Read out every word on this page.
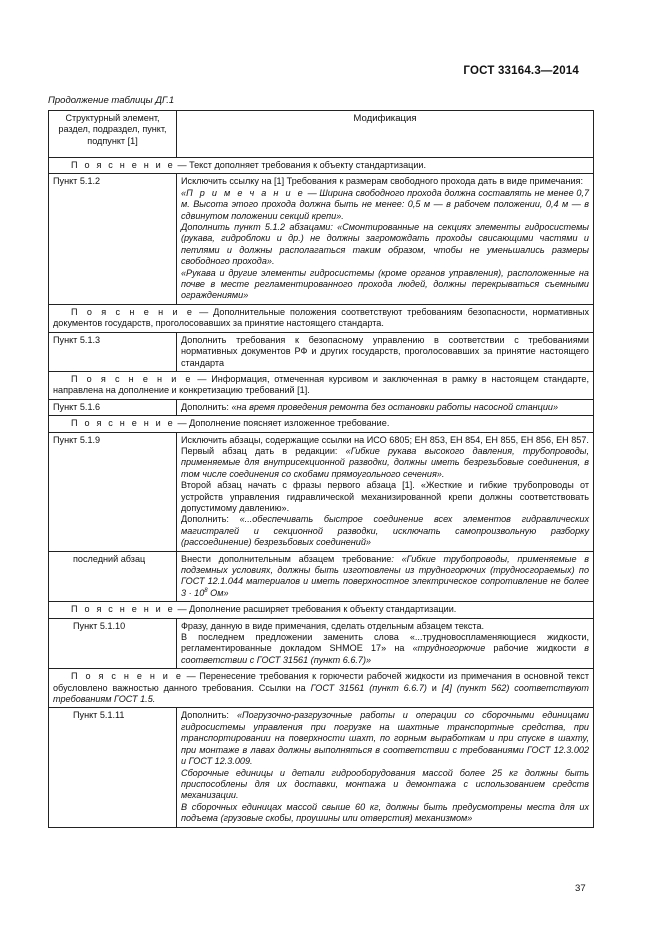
ГОСТ 33164.3—2014
Продолжение таблицы ДГ.1
Структурный элемент, раздел, подраздел, пункт, подпункт [1]	Модификация
П о я с н е н и е — Текст дополняет требования к объекту стандартизации.	
Пункт 5.1.2	Исключить ссылку на [1] Требования к размерам свободного прохода дать в виде примечания:

«П р и м е ч а н и е — Ширина свободного прохода должна составлять не менее 0,7 м. Высота этого прохода должна быть не менее: 0,5 м — в рабочем положении, 0,4 м — в сдвинутом положении секций крепи».

Дополнить пункт 5.1.2 абзацами: «Смонтированные на секциях элементы гидросистемы (рукава, гидроблоки и др.) не должны загромождать проходы свисающими частями и петлями и должны располагаться таким образом, чтобы не уменьшались размеры свободного прохода».

«Рукава и другие элементы гидросистемы (кроме органов управления), расположенные на почве в месте регламентированного прохода людей, должны перекрываться съемными ограждениями»

П о я с н е н и е — Дополнительные положения соответствуют требованиям безопасности, нормативных документов государств, проголосовавших за принятие настоящего стандарта.	
Пункт 5.1.3	Дополнить требования к безопасному управлению в соответствии с требованиями нормативных документов РФ и других государств, проголосовавших за принятие настоящего стандарта
П о я с н е н и е — Информация, отмеченная курсивом и заключенная в рамку в настоящем стандарте, направлена на дополнение и конкретизацию требований [1].	
Пункт 5.1.6	Дополнить: «на время проведения ремонта без остановки работы насосной станции»
П о я с н е н и е — Дополнение поясняет изложенное требование.	
Пункт 5.1.9	Исключить абзацы, содержащие ссылки на ИСО 6805; ЕН 853, ЕН 854, ЕН 855, ЕН 856, ЕН 857.

Первый абзац дать в редакции: «Гибкие рукава высокого давления, трубопроводы, применяемые для внутрисекционной разводки, должны иметь безрезьбовые соединения, в том числе соединения со скобами прямоугольного сечения».

Второй абзац начать с фразы первого абзаца [1]. «Жесткие и гибкие трубопроводы от устройств управления гидравлической механизированной крепи должны соответствовать допустимому давлению».

Дополнить: «...обеспечивать быстрое соединение всех элементов гидравлических магистралей и секционной разводки, исключать самопроизвольную разборку (рассоединение) безрезьбовых соединений»

последний абзац	Внести дополнительным абзацем требование: «Гибкие трубопроводы, применяемые в подземных условиях, должны быть изготовлены из трудногорючих (трудносгораемых) по ГОСТ 12.1.044 материалов и иметь поверхностное электрическое сопротивление не более $3 \cdot 10^8$ Ом»
П о я с н е н и е — Дополнение расширяет требования к объекту стандартизации.	
Пункт 5.1.10	Фразу, данную в виде примечания, сделать отдельным абзацем текста.

В последнем предложении заменить слова «...трудновоспламеняющиеся жидкости, регламентированные докладом SHMOE 17» на «трудногорючие рабочие жидкости в соответствии с ГОСТ 31561 (пункт 6.6.7)»

П о я с н е н и е — Перенесение требования к горючести рабочей жидкости из примечания в основной текст обусловлено важностью данного требования. Ссылки на ГОСТ 31561 (пункт 6.6.7) и [4] (пункт 562) соответствуют требованиям ГОСТ 1.5.	
Пункт 5.1.11	Дополнить: «Погрузочно-разгрузочные работы и операции со сборочными единицами гидросистемы управления при погрузке на шахтные транспортные средства, при транспортировании на поверхности шахт, по горным выработкам и при спуске в шахту, при монтаже в лавах должны выполняться в соответствии с требованиями ГОСТ 12.3.002 и ГОСТ 12.3.009.

Сборочные единицы и детали гидрооборудования массой более 25 кг должны быть приспособлены для их доставки, монтажа и демонтажа с использованием средств механизации.

В сборочных единицах массой свыше 60 кг, должны быть предусмотрены места для их подъема (грузовые скобы, проушины или отверстия) механизмом»

37
